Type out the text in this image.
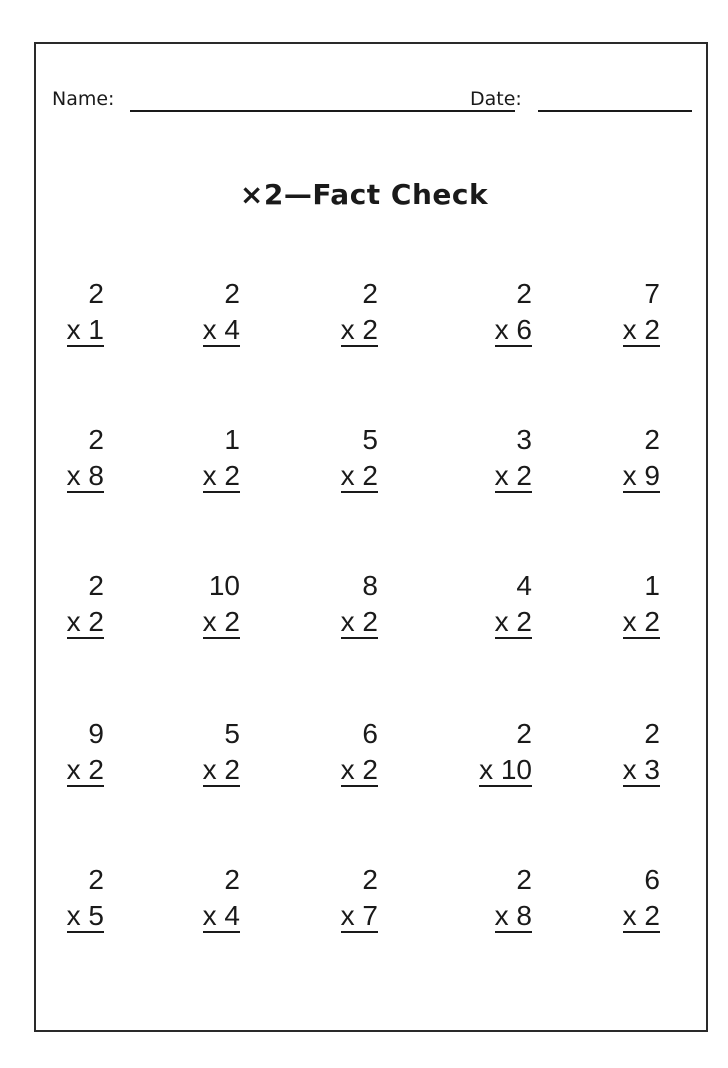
Name:	Date:
×2—Fact Check
2
x 1
2
x 4
2
x 2
2
x 6
7
x 2
2
x 8
1
x 2
5
x 2
3
x 2
2
x 9
2
x 2
10
x 2
8
x 2
4
x 2
1
x 2
9
x 2
5
x 2
6
x 2
2
x 10
2
x 3
2
x 5
2
x 4
2
x 7
2
x 8
6
x 2
